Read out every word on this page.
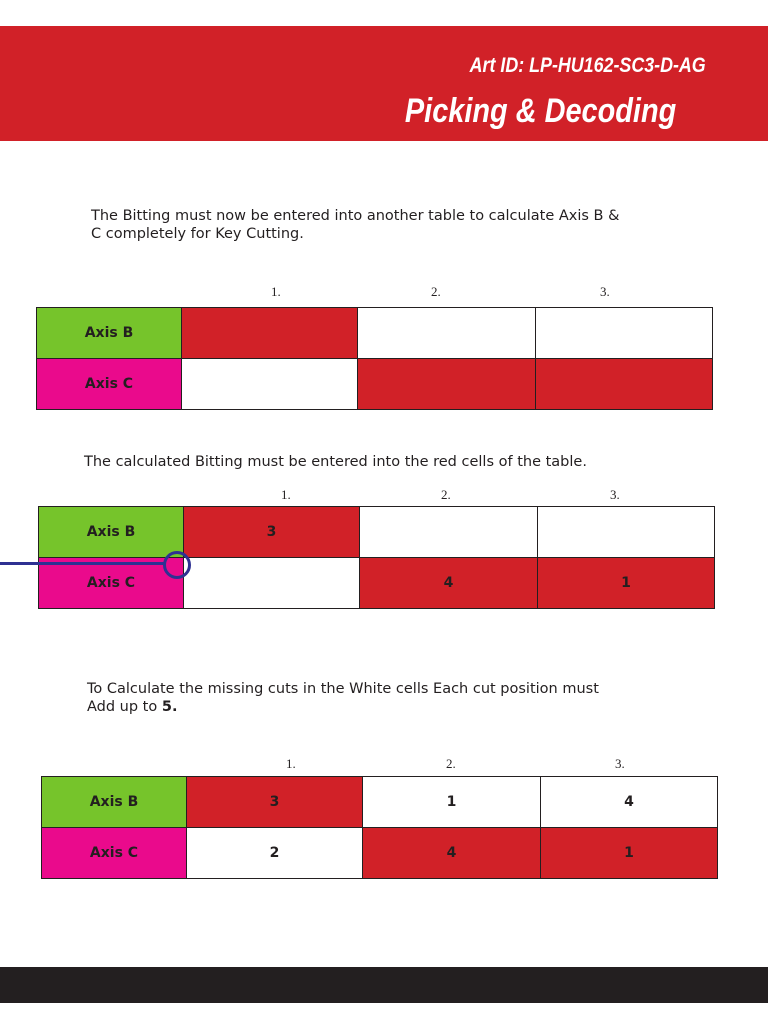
Art ID: LP-HU162-SC3-D-AG
Picking & Decoding

The Bitting must now be entered into another table to calculate Axis B & C completely for Key Cutting.

1.	2.	3.
Axis B			
Axis C			

The calculated Bitting must be entered into the red cells of the table.

1.	2.	3.
Axis B	3		
Axis C		4	1

To Calculate the missing cuts in the White cells Each cut position must Add up to 5.

1.	2.	3.
Axis B	3	1	4
Axis C	2	4	1
